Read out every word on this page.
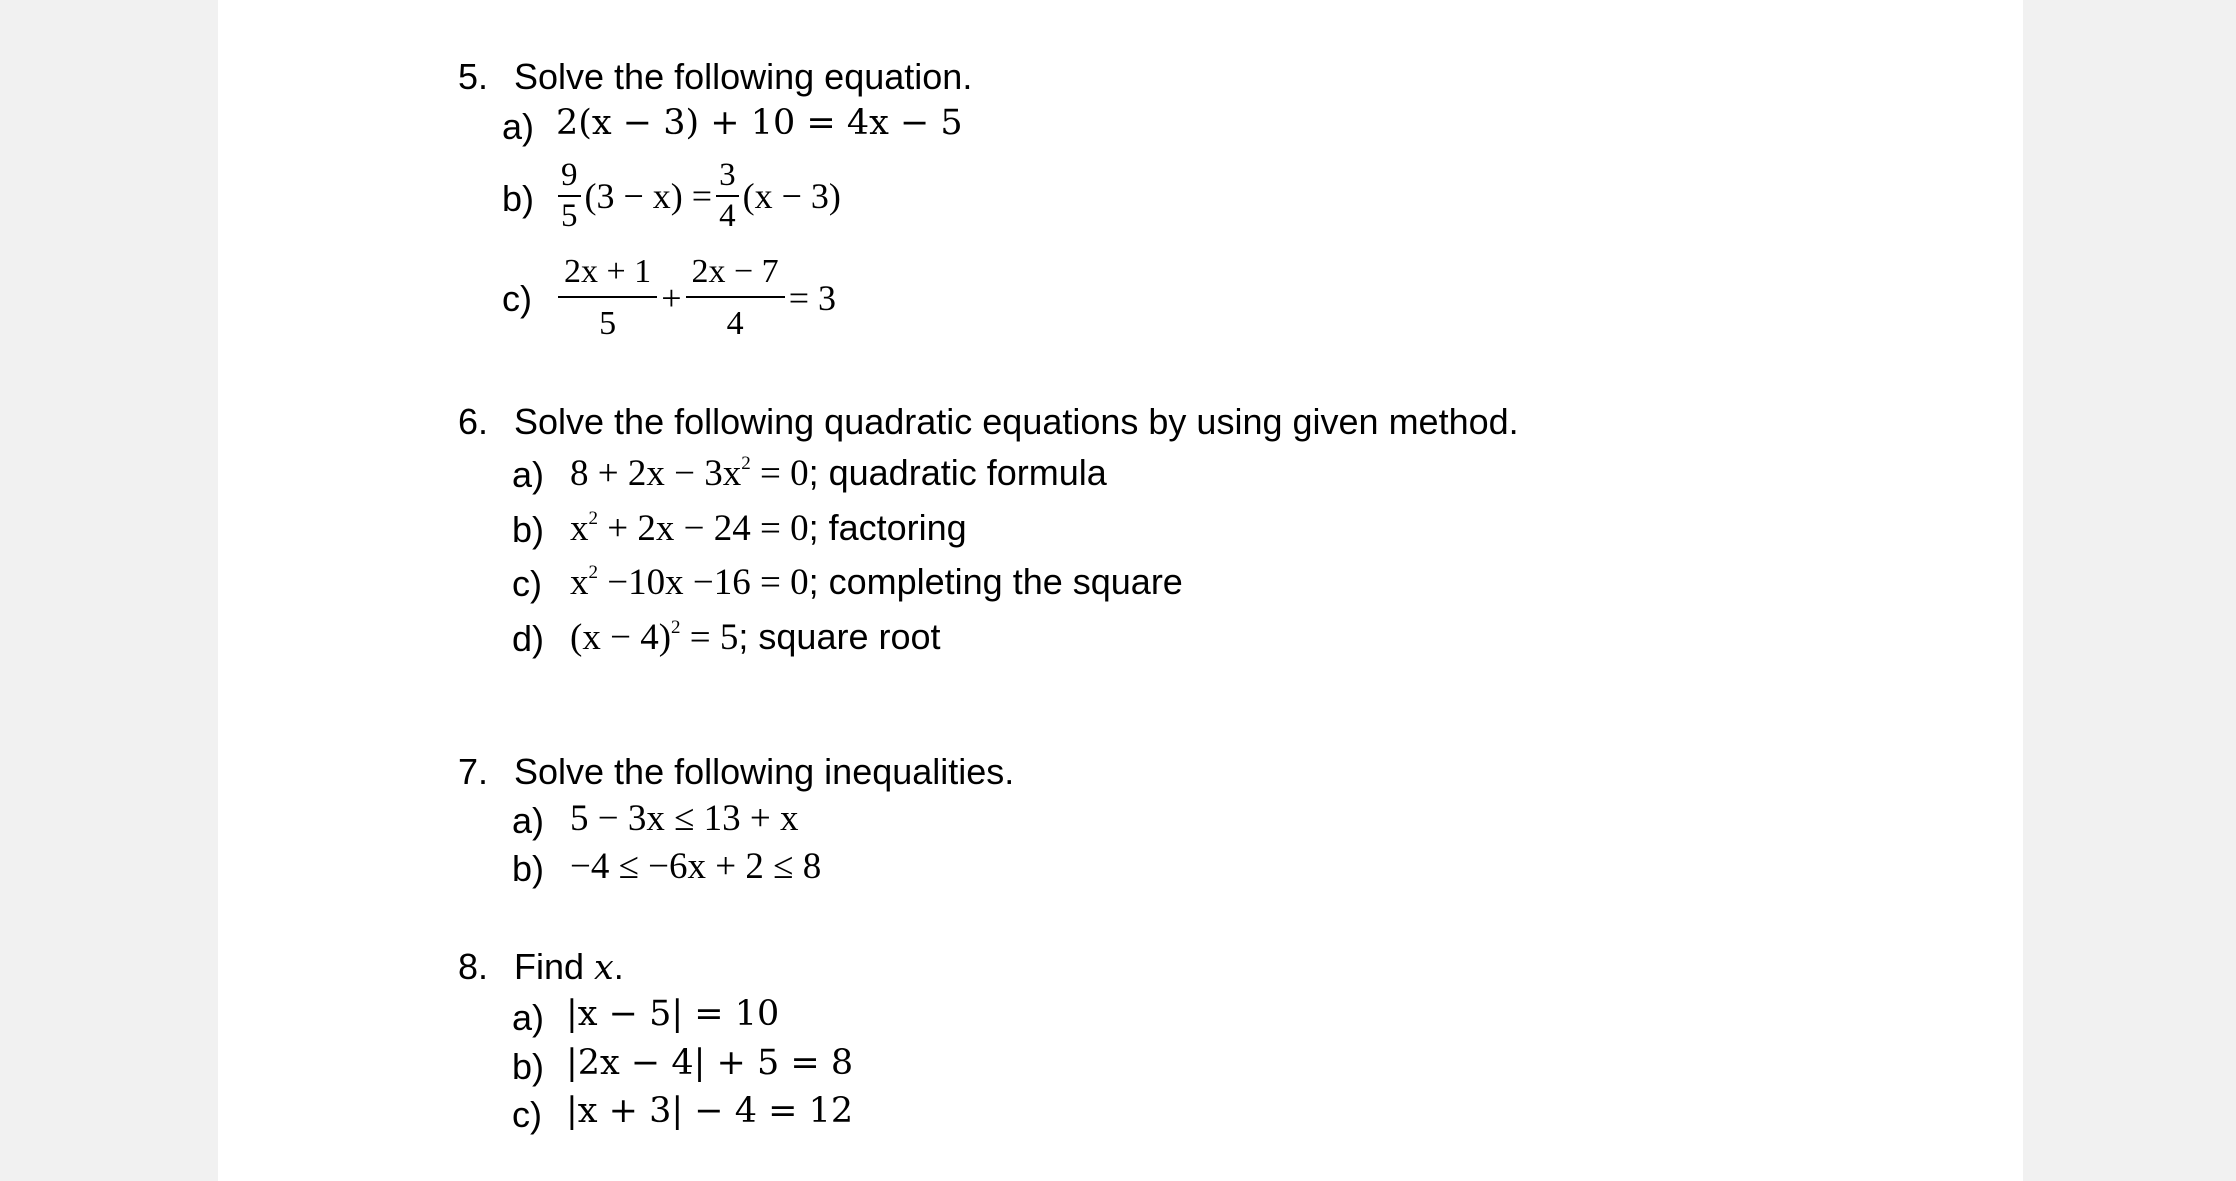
5. Solve the following equation.
a) 2(x − 3) + 10 = 4x − 5
$b) \frac{9}{5} (3 - x) = \frac{3}{4} (x - 3)$
$c) \frac{2x + 1}{5} + \frac{2x - 7}{4} = 3$
6. Solve the following quadratic equations by using given method.
a) $8 + 2x - 3x^2 = 0$; quadratic formula
b) $x^2 + 2x - 24 = 0$; factoring
c) $x^2 -10x -16 = 0$; completing the square
d) $(x - 4)^2 = 5$; square root
7. Solve the following inequalities.
a) 5 − 3x ≤ 13 + x
b) −4 ≤ −6x + 2 ≤ 8
8. Find x.
a) |x − 5| = 10
b) |2x − 4| + 5 = 8
c) |x + 3| − 4 = 12
